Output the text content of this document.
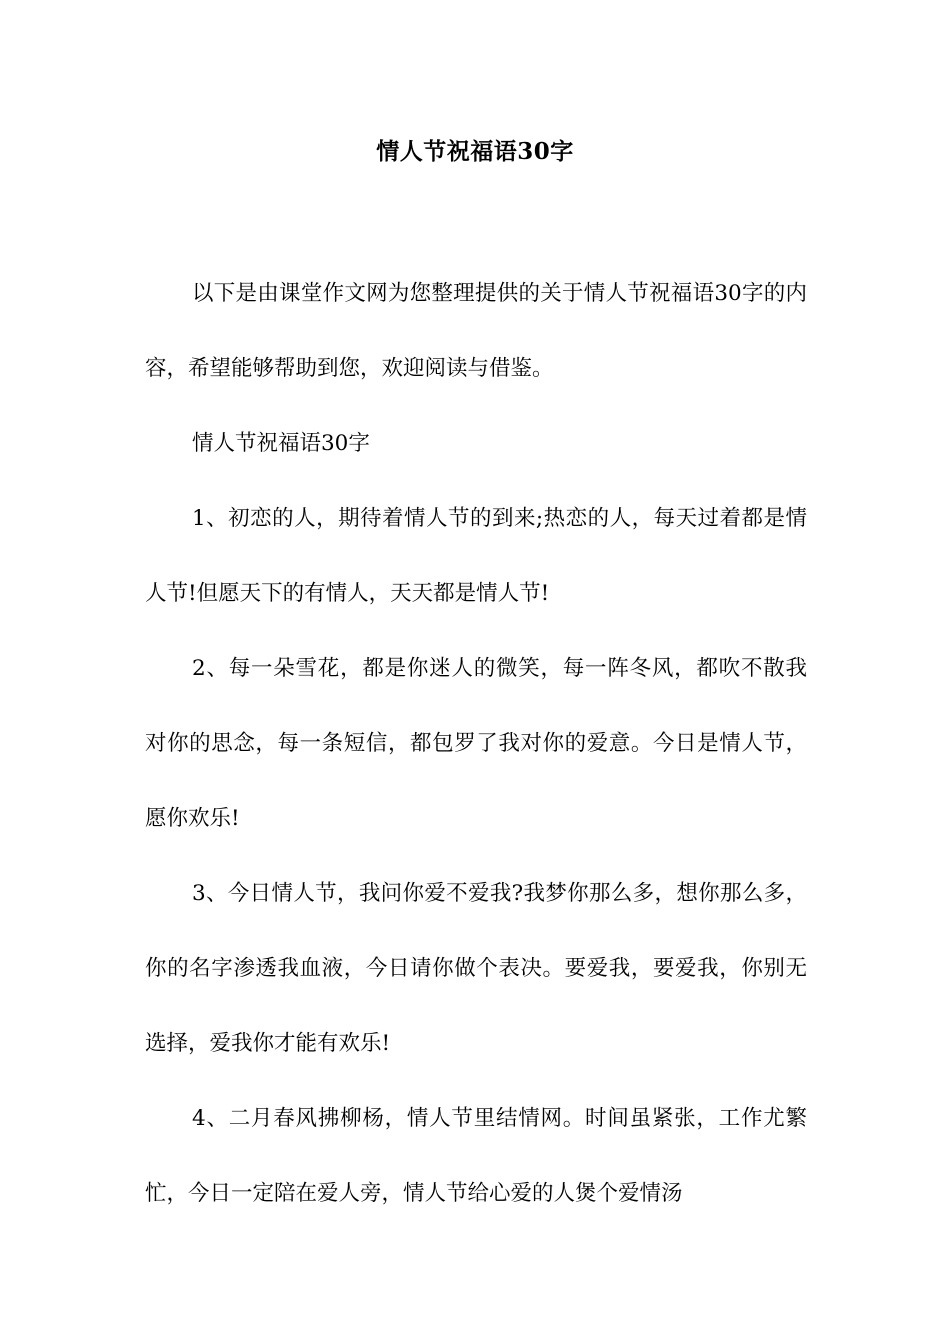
情人节祝福语30字

以下是由课堂作文网为您整理提供的关于情人节祝福语30字的内容，希望能够帮助到您，欢迎阅读与借鉴。

情人节祝福语30字

1、初恋的人，期待着情人节的到来;热恋的人，每天过着都是情人节!但愿天下的有情人，天天都是情人节!

2、每一朵雪花，都是你迷人的微笑，每一阵冬风，都吹不散我对你的思念，每一条短信，都包罗了我对你的爱意。今日是情人节，愿你欢乐!

3、今日情人节，我问你爱不爱我?我梦你那么多，想你那么多，你的名字渗透我血液，今日请你做个表决。要爱我，要爱我，你别无选择，爱我你才能有欢乐!

4、二月春风拂柳杨，情人节里结情网。时间虽紧张，工作尤繁忙，今日一定陪在爱人旁，情人节给心爱的人煲个爱情汤
